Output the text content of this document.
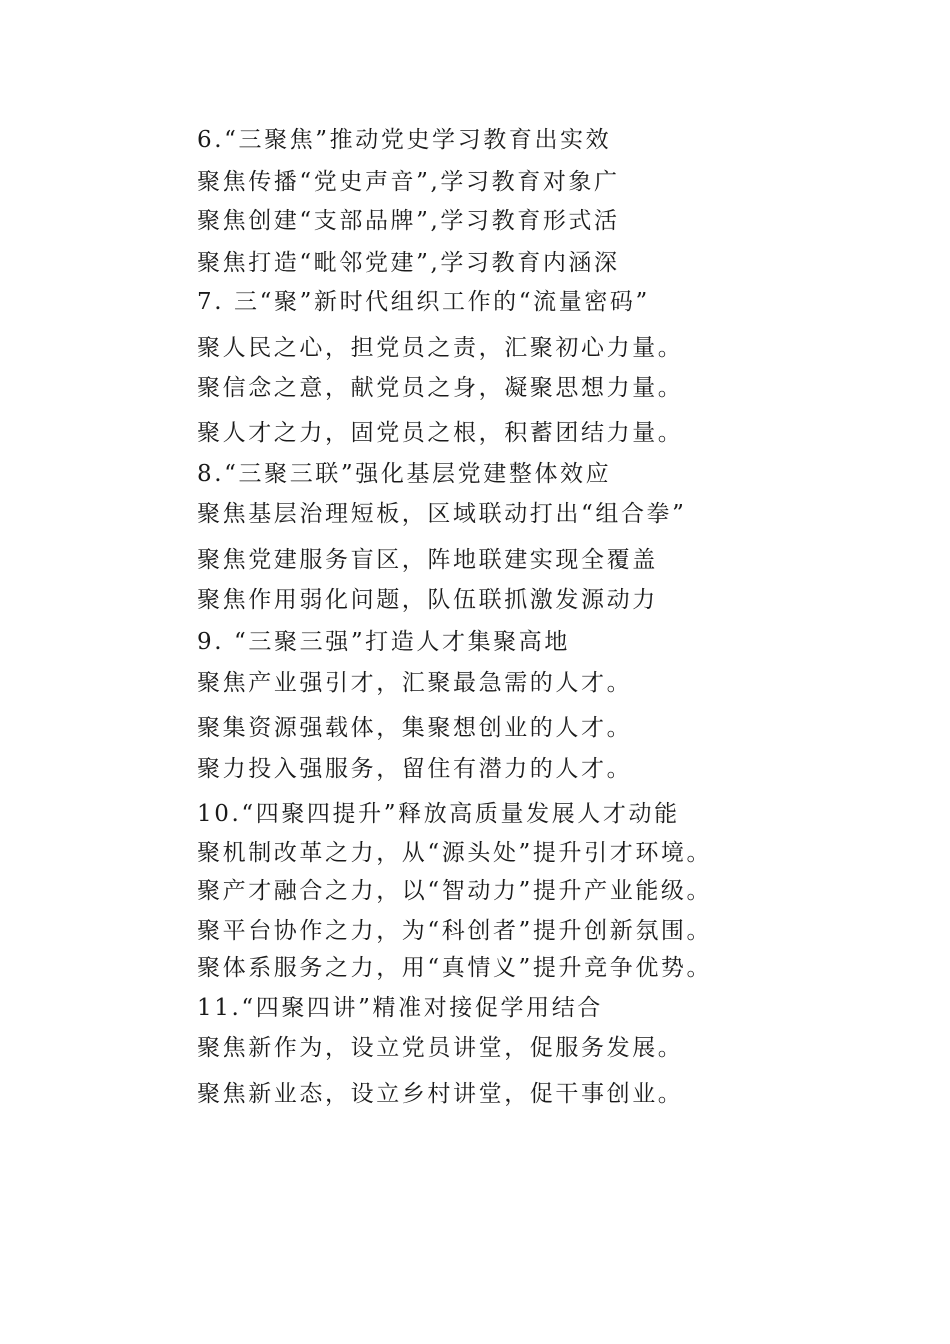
6.“三聚焦”推动党史学习教育出实效
聚焦传播“党史声音”,学习教育对象广
聚焦创建“支部品牌”,学习教育形式活
聚焦打造“毗邻党建”,学习教育内涵深
7. 三“聚”新时代组织工作的“流量密码”
聚人民之心，担党员之责，汇聚初心力量。
聚信念之意，献党员之身，凝聚思想力量。
聚人才之力，固党员之根，积蓄团结力量。
8.“三聚三联”强化基层党建整体效应
聚焦基层治理短板，区域联动打出“组合拳”
聚焦党建服务盲区，阵地联建实现全覆盖
聚焦作用弱化问题，队伍联抓激发源动力
9. “三聚三强”打造人才集聚高地
聚焦产业强引才，汇聚最急需的人才。
聚集资源强载体，集聚想创业的人才。
聚力投入强服务，留住有潜力的人才。
10.“四聚四提升”释放高质量发展人才动能
聚机制改革之力，从“源头处”提升引才环境。
聚产才融合之力，以“智动力”提升产业能级。
聚平台协作之力，为“科创者”提升创新氛围。
聚体系服务之力，用“真情义”提升竞争优势。
11.“四聚四讲”精准对接促学用结合
聚焦新作为，设立党员讲堂，促服务发展。
聚焦新业态，设立乡村讲堂，促干事创业。
